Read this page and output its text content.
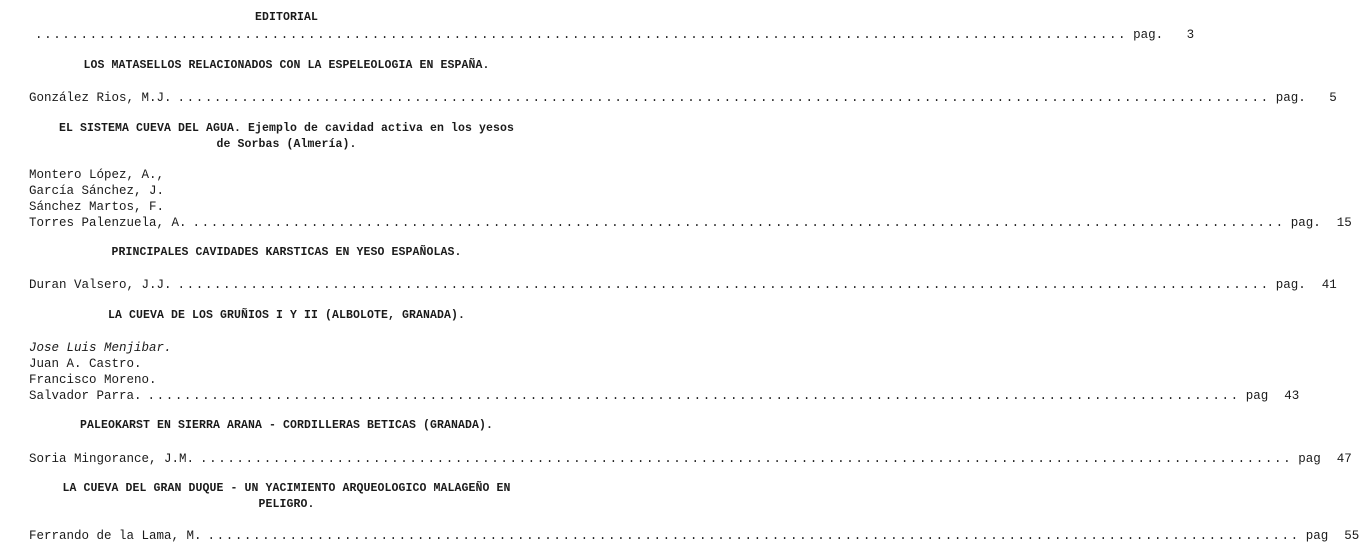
EDITORIAL
........................................................................................................................ pag. 3
LOS MATASELLOS RELACIONADOS CON LA ESPELEOLOGIA EN ESPAÑA.
González Rios, M.J. ........................................................................................................................ pag. 5
EL SISTEMA CUEVA DEL AGUA. Ejemplo de cavidad activa en los yesos
de Sorbas (Almería).
Montero López, A.,
García Sánchez, J.
Sánchez Martos, F.
Torres Palenzuela, A. ........................................................................................................................ pag. 15
PRINCIPALES CAVIDADES KARSTICAS EN YESO ESPAÑOLAS.
Duran Valsero, J.J. ........................................................................................................................ pag. 41
LA CUEVA DE LOS GRUÑIOS I Y II (ALBOLOTE, GRANADA).
Jose Luis Menjibar.
Juan A. Castro.
Francisco Moreno.
Salvador Parra. ........................................................................................................................ pag 43
PALEOKARST EN SIERRA ARANA - CORDILLERAS BETICAS (GRANADA).
Soria Mingorance, J.M. ........................................................................................................................ pag 47
LA CUEVA DEL GRAN DUQUE - UN YACIMIENTO ARQUEOLOGICO MALAGEÑO EN
PELIGRO.
Ferrando de la Lama, M. ........................................................................................................................ pag 55
